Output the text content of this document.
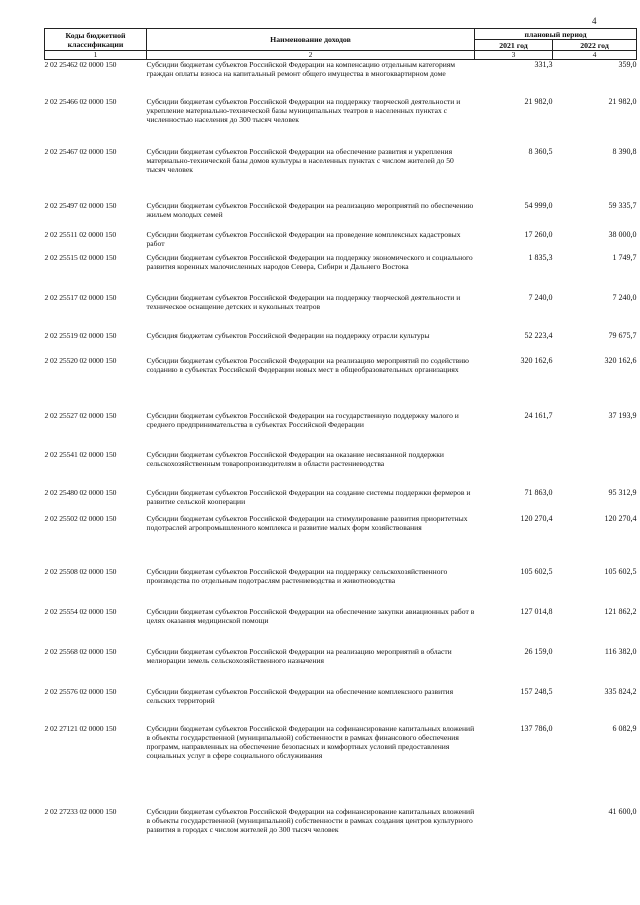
4
Коды бюджетной
классификации	Наименование доходов	плановый период	
		2021 год	2022 год
1	2	3	4
2 02 25462 02 0000 150	Субсидии бюджетам субъектов Российской Федерации на компенсацию отдельным категориям граждан оплаты взноса на капитальный ремонт общего имущества в многоквартирном доме	331,3	359,0
2 02 25466 02 0000 150	Субсидии бюджетам субъектов Российской Федерации на поддержку творческой деятельности и укрепление материально-технической базы муниципальных театров в населенных пунктах с численностью населения до 300 тысяч человек	21 982,0	21 982,0
2 02 25467 02 0000 150	Субсидии бюджетам субъектов Российской Федерации на обеспечение развития и укрепления материально-технической базы домов культуры в населенных пунктах с числом жителей до 50 тысяч человек	8 360,5	8 390,8
2 02 25497 02 0000 150	Субсидии бюджетам субъектов Российской Федерации на реализацию мероприятий по обеспечению жильем молодых семей	54 999,0	59 335,7
2 02 25511 02 0000 150	Субсидии бюджетам субъектов Российской Федерации на проведение комплексных кадастровых работ	17 260,0	38 000,0
2 02 25515 02 0000 150	Субсидии бюджетам субъектов Российской Федерации на поддержку экономического и социального развития коренных малочисленных народов Севера, Сибири и Дальнего Востока	1 835,3	1 749,7
2 02 25517 02 0000 150	Субсидии бюджетам субъектов Российской Федерации на поддержку творческой деятельности и техническое оснащение детских и кукольных театров	7 240,0	7 240,0
2 02 25519 02 0000 150	Субсидия бюджетам субъектов Российской Федерации на поддержку отрасли культуры	52 223,4	79 675,7
2 02 25520 02 0000 150	Субсидии бюджетам субъектов Российской Федерации на реализацию мероприятий по содействию созданию в субъектах Российской Федерации новых мест в общеобразовательных организациях	320 162,6	320 162,6
2 02 25527 02 0000 150	Субсидии бюджетам субъектов Российской Федерации на государственную поддержку малого и среднего предпринимательства в субъектах Российской Федерации	24 161,7	37 193,9
2 02 25541 02 0000 150	Субсидии бюджетам субъектов Российской Федерации на оказание несвязанной поддержки сельскохозяйственным товаропроизводителям в области растениеводства		
2 02 25480 02 0000 150	Субсидии бюджетам субъектов Российской Федерации на создание системы поддержки фермеров и развитие сельской кооперации	71 863,0	95 312,9
2 02 25502 02 0000 150	Субсидии бюджетам субъектов Российской Федерации на стимулирование развития приоритетных подотраслей агропромышленного комплекса и развитие малых форм хозяйствования	120 270,4	120 270,4
2 02 25508 02 0000 150	Субсидии бюджетам субъектов Российской Федерации на поддержку сельскохозяйственного производства по отдельным подотраслям растениеводства и животноводства	105 602,5	105 602,5
2 02 25554 02 0000 150	Субсидии бюджетам субъектов Российской Федерации на обеспечение закупки авиационных работ в целях оказания медицинской помощи	127 014,8	121 862,2
2 02 25568 02 0000 150	Субсидии бюджетам субъектов Российской Федерации на реализацию мероприятий в области мелиорации земель сельскохозяйственного назначения	26 159,0	116 382,0
2 02 25576 02 0000 150	Субсидии бюджетам субъектов Российской Федерации на обеспечение комплексного развития сельских территорий	157 248,5	335 824,2
2 02 27121 02 0000 150	Субсидии бюджетам субъектов Российской Федерации на софинансирование капитальных вложений в объекты государственной (муниципальной) собственности в рамках финансового обеспечения программ, направленных на обеспечение безопасных и комфортных условий предоставления социальных услуг в сфере социального обслуживания	137 786,0	6 082,9
2 02 27233 02 0000 150	Субсидии бюджетам субъектов Российской Федерации на софинансирование капитальных вложений в объекты государственной (муниципальной) собственности в рамках создания центров культурного развития в городах с числом жителей до 300 тысяч человек		41 600,0
